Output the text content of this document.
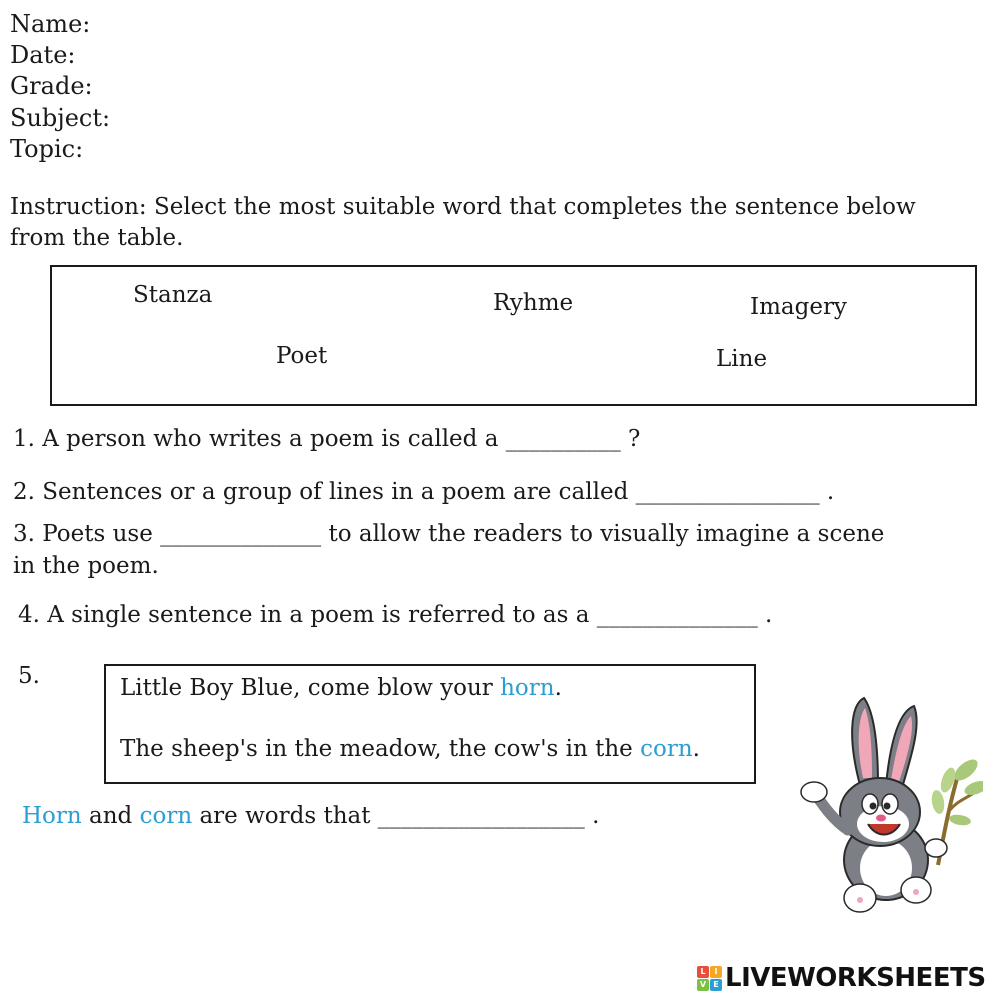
Name:
Date:
Grade:
Subject:
Topic:
Instruction: Select the most suitable word that completes the sentence below
from the table.
Stanza	Ryhme	Imagery
Poet	Line
1. A person who writes a poem is called a __________ ?
2. Sentences or a group of lines in a poem are called ________________ .
3. Poets use ______________ to allow the readers to visually imagine a scene
in the poem.
4. A single sentence in a poem is referred to as a ______________ .
5.	Little Boy Blue, come blow your horn.
The sheep's in the meadow, the cow's in the corn.
Horn and corn are words that __________________ .
L	I
V E LIVEWORKSHEETS
